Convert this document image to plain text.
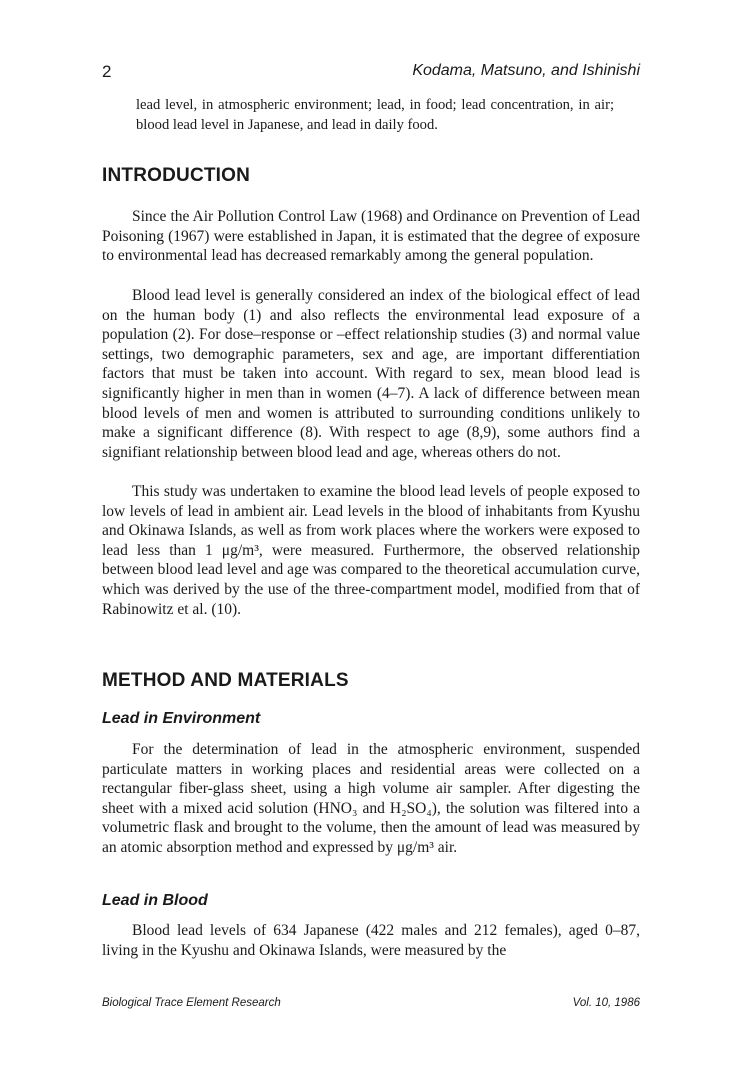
2	Kodama, Matsuno, and Ishinishi
lead level, in atmospheric environment; lead, in food; lead concentration, in air; blood lead level in Japanese, and lead in daily food.
INTRODUCTION

Since the Air Pollution Control Law (1968) and Ordinance on Prevention of Lead Poisoning (1967) were established in Japan, it is estimated that the degree of exposure to environmental lead has decreased remarkably among the general population.

Blood lead level is generally considered an index of the biological effect of lead on the human body (1) and also reflects the environmental lead exposure of a population (2). For dose–response or –effect relationship studies (3) and normal value settings, two demographic parameters, sex and age, are important differentiation factors that must be taken into account. With regard to sex, mean blood lead is significantly higher in men than in women (4–7). A lack of difference between mean blood levels of men and women is attributed to surrounding conditions unlikely to make a significant difference (8). With respect to age (8,9), some authors find a signifiant relationship between blood lead and age, whereas others do not.

This study was undertaken to examine the blood lead levels of people exposed to low levels of lead in ambient air. Lead levels in the blood of inhabitants from Kyushu and Okinawa Islands, as well as from work places where the workers were exposed to lead less than 1 μg/m³, were measured. Furthermore, the observed relationship between blood lead level and age was compared to the theoretical accumulation curve, which was derived by the use of the three-compartment model, modified from that of Rabinowitz et al. (10).

METHOD AND MATERIALS
Lead in Environment

For the determination of lead in the atmospheric environment, suspended particulate matters in working places and residential areas were collected on a rectangular fiber-glass sheet, using a high volume air sampler. After digesting the sheet with a mixed acid solution (HNO₃ and H₂SO₄), the solution was filtered into a volumetric flask and brought to the volume, then the amount of lead was measured by an atomic absorption method and expressed by μg/m³ air.

Lead in Blood

Blood lead levels of 634 Japanese (422 males and 212 females), aged 0–87, living in the Kyushu and Okinawa Islands, were measured by the

Biological Trace Element Research	Vol. 10, 1986
